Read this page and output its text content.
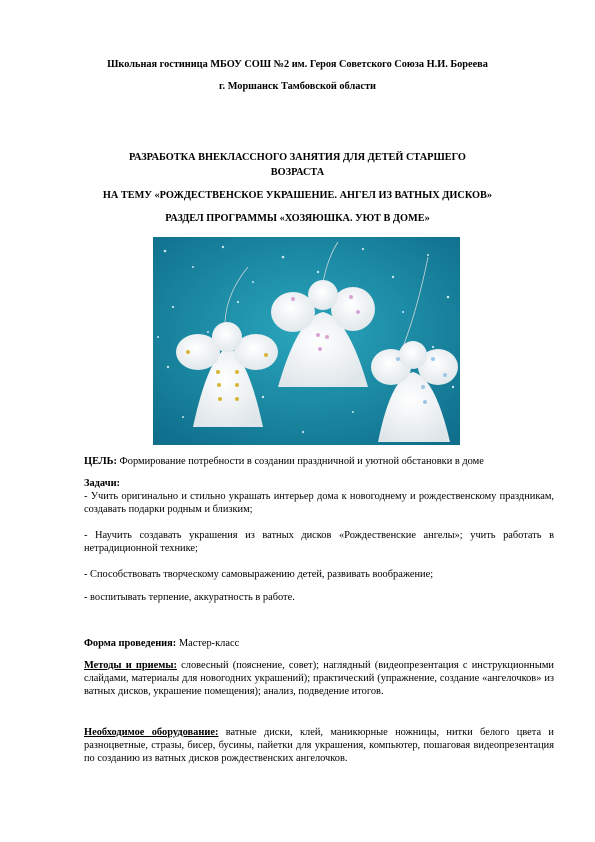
Школьная гостиница МБОУ СОШ №2 им. Героя Советского Союза Н.И. Бореева
г. Моршанск Тамбовской области
РАЗРАБОТКА ВНЕКЛАССНОГО ЗАНЯТИЯ ДЛЯ ДЕТЕЙ СТАРШЕГО
ВОЗРАСТА
НА ТЕМУ «РОЖДЕСТВЕНСКОЕ УКРАШЕНИЕ. АНГЕЛ ИЗ ВАТНЫХ ДИСКОВ»
РАЗДЕЛ ПРОГРАММЫ «ХОЗЯЮШКА. УЮТ В ДОМЕ»
ЦЕЛЬ: Формирование потребности в создании праздничной и уютной обстановки в доме
Задачи:
- Учить оригинально и стильно украшать интерьер дома к новогоднему и рождественскому праздникам, создавать подарки родным и близким;
- Научить создавать украшения из ватных дисков «Рождественские ангелы»; учить работать в нетрадиционной технике;
- Способствовать творческому самовыражению детей, развивать воображение;
- воспитывать терпение, аккуратность в работе.
Форма проведения: Мастер-класс
Методы и приемы: словесный (пояснение, совет); наглядный (видеопрезентация с инструкционными слайдами, материалы для новогодних украшений); практический (упражнение, создание «ангелочков» из ватных дисков, украшение помещения); анализ, подведение итогов.
Необходимое оборудование: ватные диски, клей, маникюрные ножницы, нитки белого цвета и разноцветные, стразы, бисер, бусины, пайетки для украшения, компьютер, пошаговая видеопрезентация по созданию из ватных дисков рождественских ангелочков.
